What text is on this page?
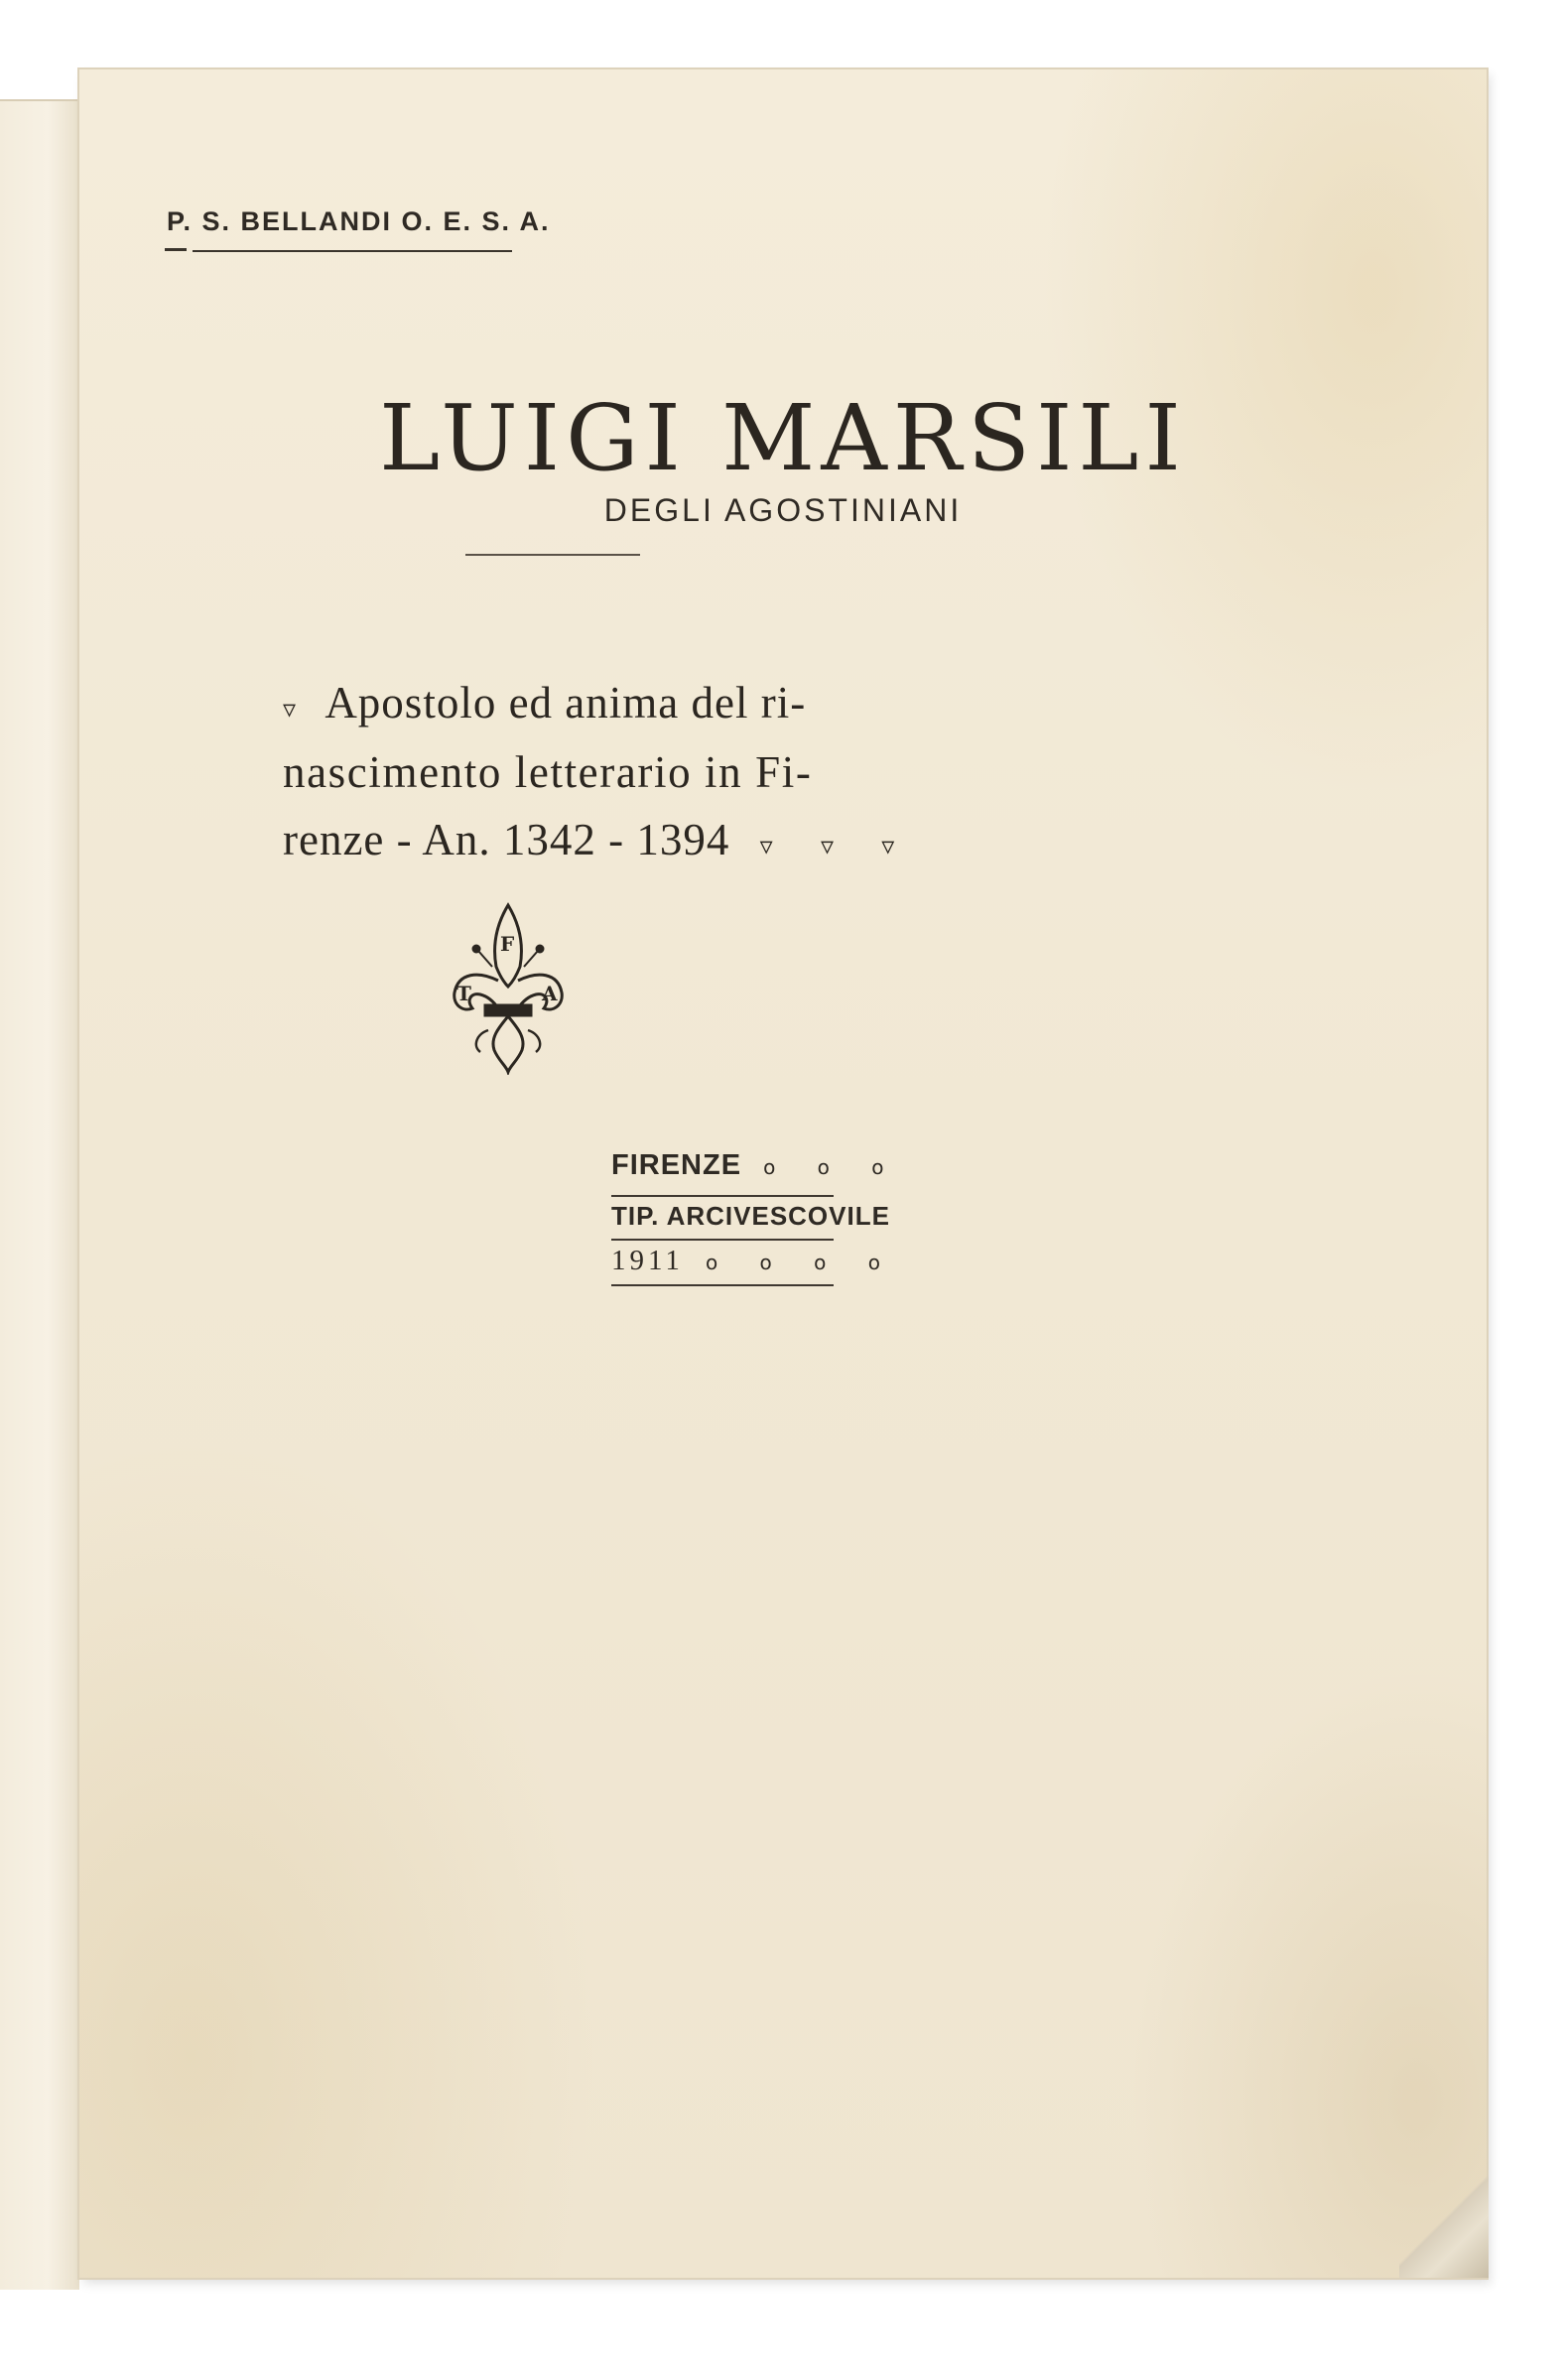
P. S. BELLANDI O. E. S. A.
LUIGI MARSILI
DEGLI AGOSTINIANI
▿ Apostolo ed anima del ri-
nascimento letterario in Fi-
renze - An. 1342 - 1394 ▿ ▿ ▿
F
T	A
FIRENZE o o o
TIP. ARCIVESCOVILE
1911 o o o o
